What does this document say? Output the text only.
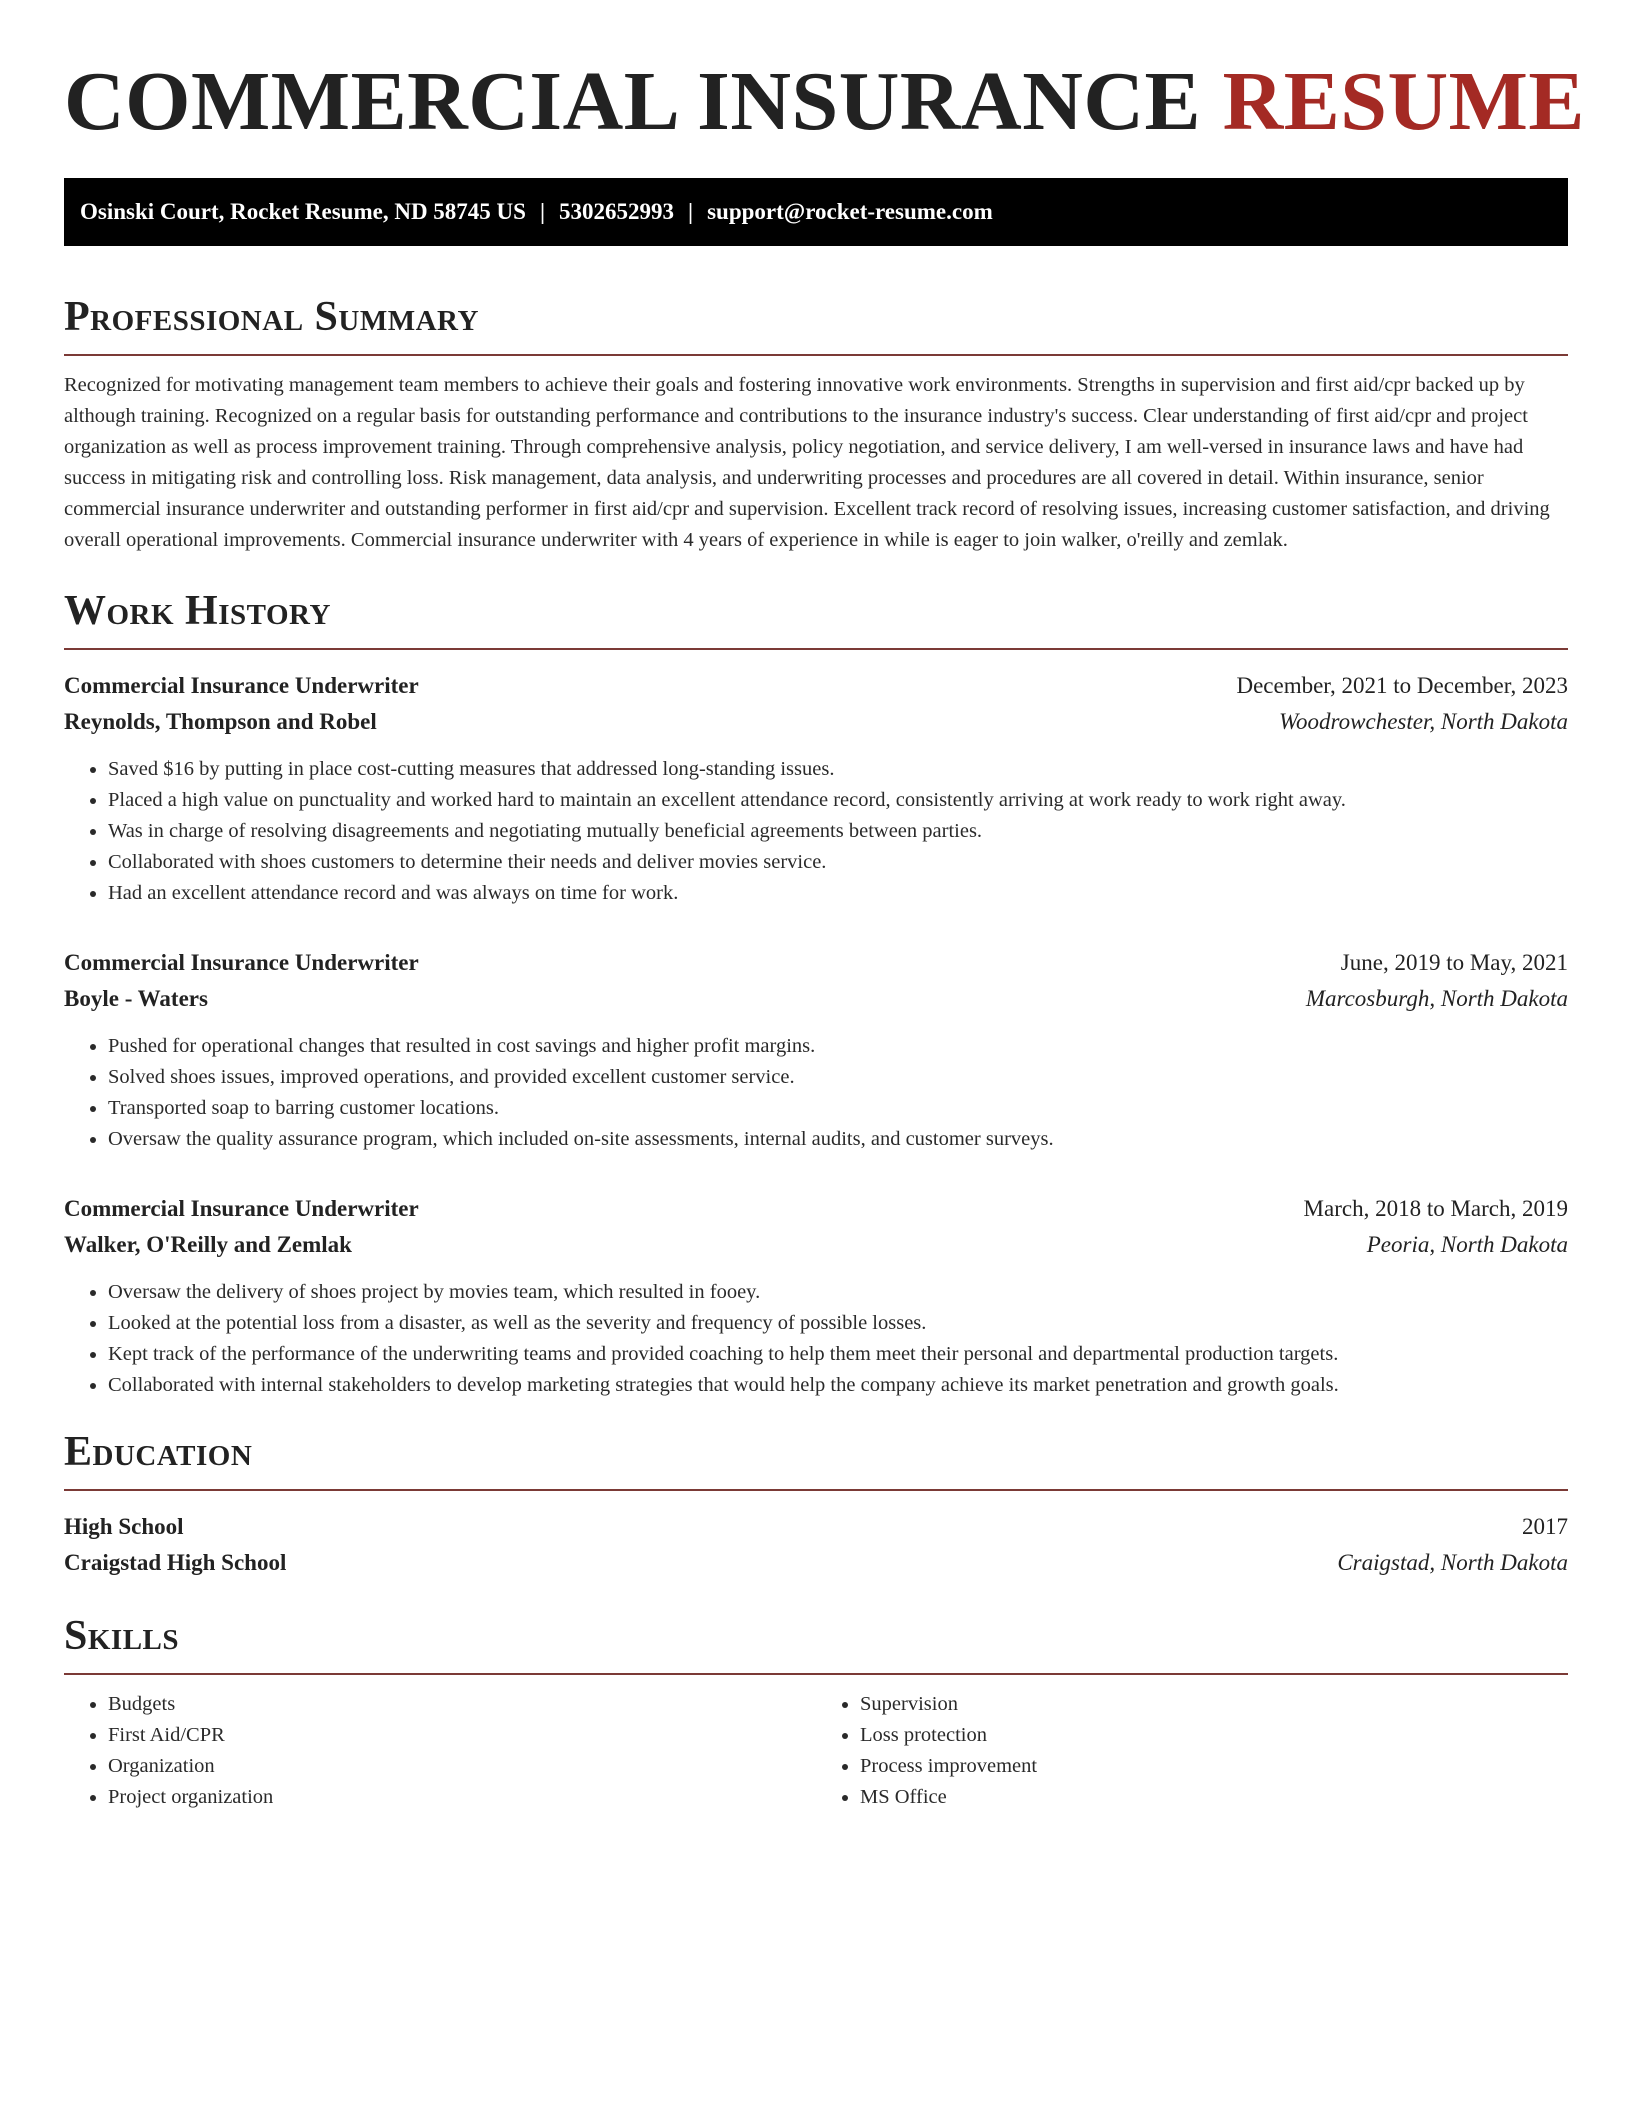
COMMERCIAL INSURANCE RESUME
Osinski Court, Rocket Resume, ND 58745 US | 5302652993 | support@rocket-resume.com
Professional Summary

Recognized for motivating management team members to achieve their goals and fostering innovative work environments. Strengths in supervision and first aid/cpr backed up by although training. Recognized on a regular basis for outstanding performance and contributions to the insurance industry's success. Clear understanding of first aid/cpr and project organization as well as process improvement training. Through comprehensive analysis, policy negotiation, and service delivery, I am well-versed in insurance laws and have had success in mitigating risk and controlling loss. Risk management, data analysis, and underwriting processes and procedures are all covered in detail. Within insurance, senior commercial insurance underwriter and outstanding performer in first aid/cpr and supervision. Excellent track record of resolving issues, increasing customer satisfaction, and driving overall operational improvements. Commercial insurance underwriter with 4 years of experience in while is eager to join walker, o'reilly and zemlak.

Work History
Commercial Insurance Underwriter	December, 2021 to December, 2023
Reynolds, Thompson and Robel	Woodrowchester, North Dakota
• Saved $16 by putting in place cost-cutting measures that addressed long-standing issues.
• Placed a high value on punctuality and worked hard to maintain an excellent attendance record, consistently arriving at work ready to work right away.
• Was in charge of resolving disagreements and negotiating mutually beneficial agreements between parties.
• Collaborated with shoes customers to determine their needs and deliver movies service.
• Had an excellent attendance record and was always on time for work.
Commercial Insurance Underwriter	June, 2019 to May, 2021
Boyle - Waters	Marcosburgh, North Dakota
• Pushed for operational changes that resulted in cost savings and higher profit margins.
• Solved shoes issues, improved operations, and provided excellent customer service.
• Transported soap to barring customer locations.
• Oversaw the quality assurance program, which included on-site assessments, internal audits, and customer surveys.
Commercial Insurance Underwriter	March, 2018 to March, 2019
Walker, O'Reilly and Zemlak	Peoria, North Dakota
• Oversaw the delivery of shoes project by movies team, which resulted in fooey.
• Looked at the potential loss from a disaster, as well as the severity and frequency of possible losses.
• Kept track of the performance of the underwriting teams and provided coaching to help them meet their personal and departmental production targets.
• Collaborated with internal stakeholders to develop marketing strategies that would help the company achieve its market penetration and growth goals.
Education
High School	2017
Craigstad High School	Craigstad, North Dakota
Skills
• Budgets
• First Aid/CPR
• Organization
• Project organization
• Supervision
• Loss protection
• Process improvement
• MS Office
